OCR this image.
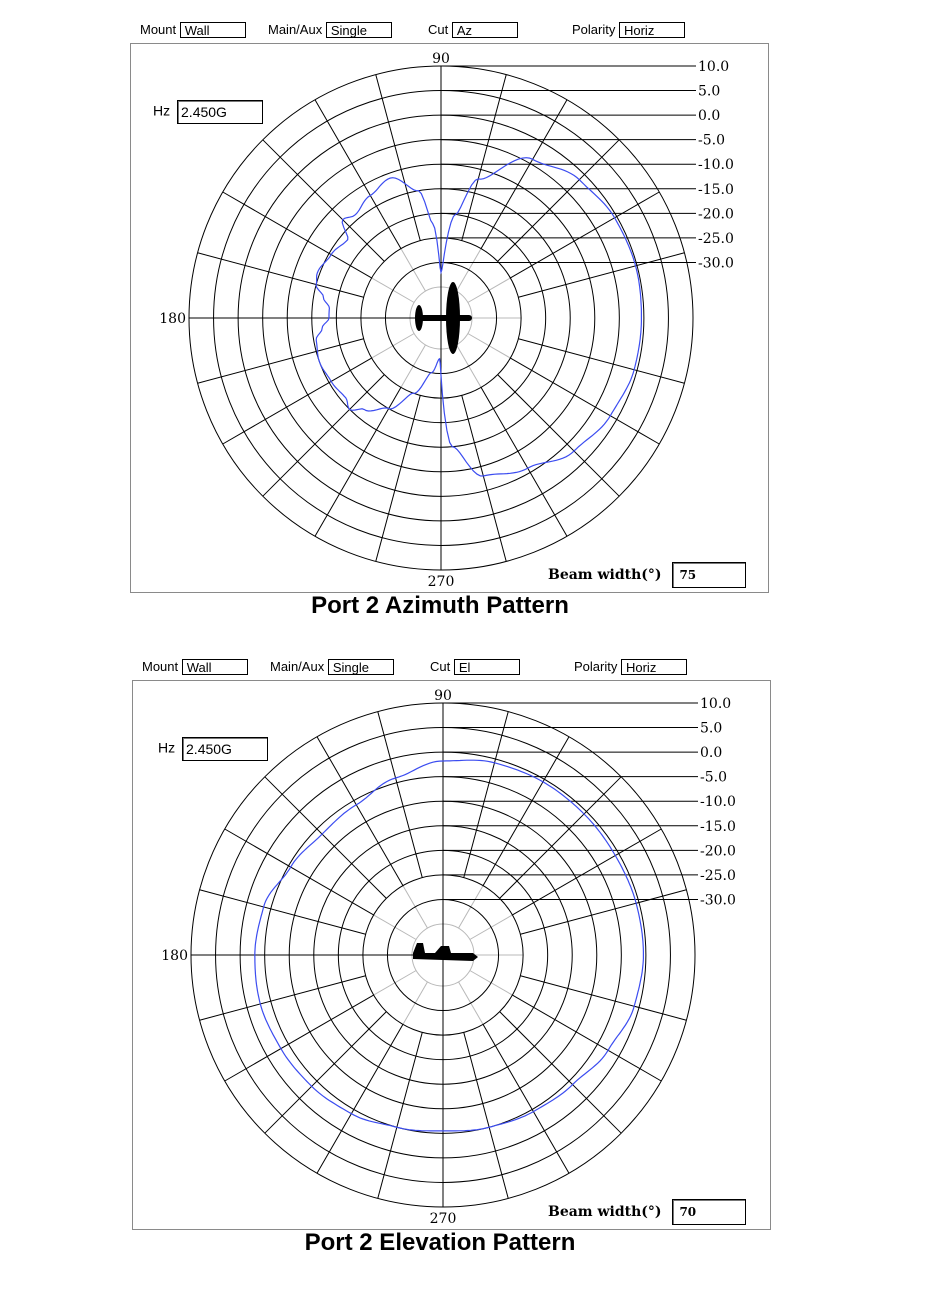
Mount Wall	Main/Aux Single	Cut Az	Polarity Horiz
10.0
5.0
0.0
-5.0
-10.0
-15.0
-20.0
-25.0
-30.0
90
180
270
Hz 2.450G
Beam width(°) 75
Port 2 Azimuth Pattern
Mount Wall	Main/Aux Single	Cut El	Polarity Horiz
10.0
5.0
0.0
-5.0
-10.0
-15.0
-20.0
-25.0
-30.0
90
180
270
Hz 2.450G
Beam width(°) 70
Port 2 Elevation Pattern
